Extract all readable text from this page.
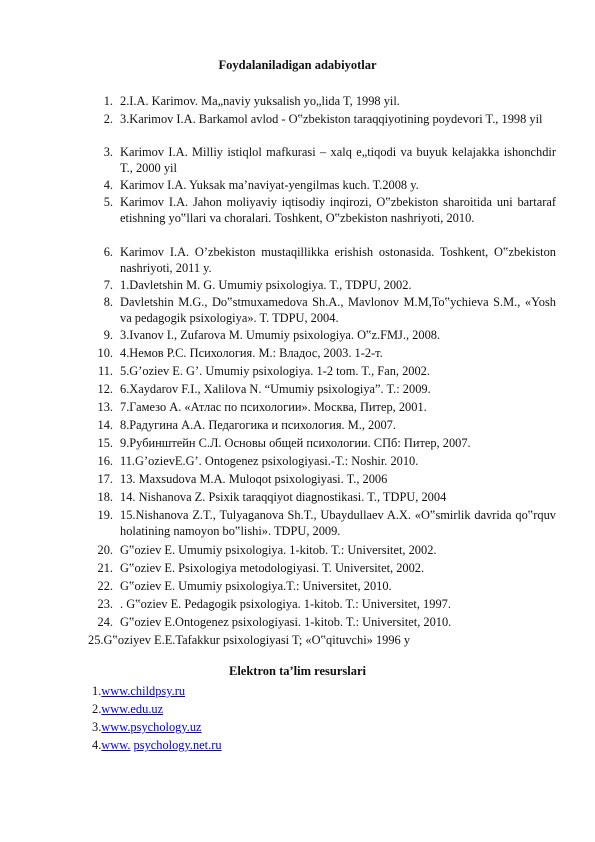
Foydalaniladigan adabiyotlar
1. 2.I.A. Karimov. Ma„naviy yuksalish yo„lida T, 1998 yil.
2. 3.Karimov I.A. Barkamol avlod - O‟zbekiston taraqqiyotining poydevori T., 1998 yil
3. Karimov I.A. Milliy istiqlol mafkurasi – xalq e„tiqodi va buyuk kelajakka ishonchdir T., 2000 yil
4. Karimov I.A. Yuksak ma’naviyat-yengilmas kuch. T.2008 y.
5. Karimov I.A. Jahon moliyaviy iqtisodiy inqirozi, O‟zbekiston sharoitida uni bartaraf etishning yo‟llari va choralari. Toshkent, O‟zbekiston nashriyoti, 2010.
6. Karimov I.A. O’zbekiston mustaqillikka erishish ostonasida. Toshkent, O‟zbekiston nashriyoti, 2011 y.
7. 1.Davletshin M. G. Umumiy psixologiya. T., TDPU, 2002.
8. Davletshin M.G., Do‟stmuxamedova Sh.A., Mavlonov M.M,To‟ychieva S.M., «Yosh va pedagogik psixologiya». T. TDPU, 2004.
9. 3.Ivanov I., Zufarova M. Umumiy psixologiya. O‟z.FMJ., 2008.
10. 4.Немов Р.С. Психология. М.: Владос, 2003. 1-2-т.
11. 5.G’oziev E. G’. Umumiy psixologiya. 1-2 tom. T., Fan, 2002.
12. 6.Xaydarov F.I., Xalilova N. “Umumiy psixologiya”. T.: 2009.
13. 7.Гамезо А. «Атлас по психологии». Москва, Питер, 2001.
14. 8.Радугина А.А. Педагогика и психология. М., 2007.
15. 9.Рубинштейн С.Л. Основы общей психологии. СПб: Питер, 2007.
16. 11.G’ozievE.G’. Ontogenez psixologiyasi.-T.: Noshir. 2010.
17. 13. Maxsudova M.A. Muloqot psixologiyasi. T., 2006
18. 14. Nishanova Z. Psixik taraqqiyot diagnostikasi. T., TDPU, 2004
19. 15.Nishanova Z.T., Tulyaganova Sh.T., Ubaydullaev A.X. «O‟smirlik davrida qo‟rquv holatining namoyon bo‟lishi». TDPU, 2009.
20. G‟oziev E. Umumiy psixologiya. 1-kitob. T.: Universitet, 2002.
21. G‟oziev E. Psixologiya metodologiyasi. T. Universitet, 2002.
22. G‟oziev E. Umumiy psixologiya.T.: Universitet, 2010.
23. . G‟oziev E. Pedagogik psixologiya. 1-kitob. T.: Universitet, 1997.
24. G‟oziev E.Ontogenez psixologiyasi. 1-kitob. T.: Universitet, 2010.
25.G‟oziyev E.E.Tafakkur psixologiyasi T; «O‟qituvchi» 1996 y
Elektron ta’lim resurslari
1.www.childpsy.ru
2.www.edu.uz
3.www.psychology.uz
4.www. psychology.net.ru
